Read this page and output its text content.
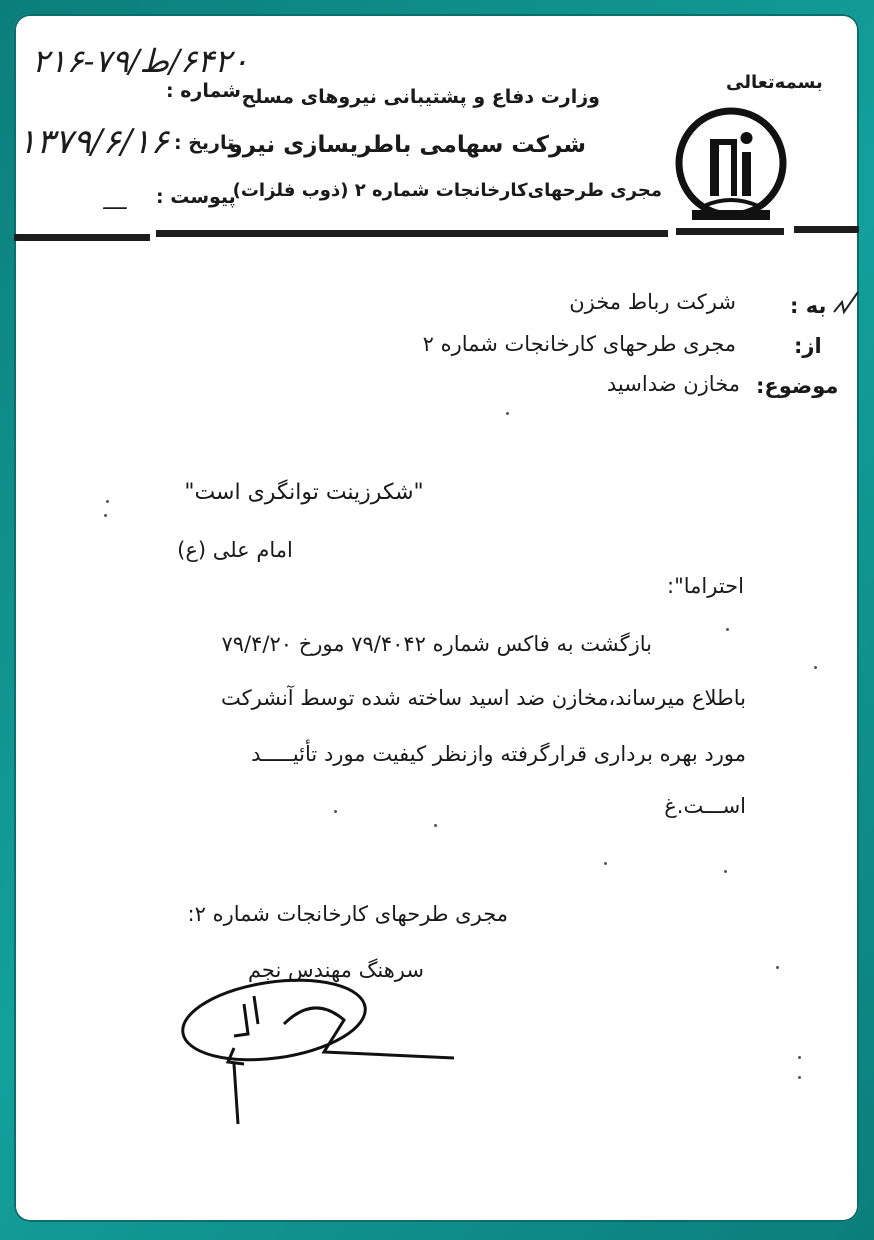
۶۴۲۰/ط/۷۹-۲۱۶
شماره :
۱۳۷۹/۶/۱۶ تاریخ :
— پیوست :
وزارت دفاع و پشتیبانی نیروهای مسلح
شرکت سهامی باطریسازی نیرو
مجری طرحهای‌کارخانجات شماره ۲ (ذوب فلزات)
بسمه‌تعالی
به :
شرکت رباط مخزن
از:
مجری طرحهای کارخانجات شماره ۲
موضوع:
مخازن ضداسید
"شکرزینت توانگری است"
امام علی (ع)
احتراما":
بازگشت به فاکس شماره ۷۹/۴۰۴۲ مورخ ۷۹/۴/۲۰
باطلاع میرساند،مخازن ضد اسید ساخته شده توسط آنشرکت
مورد بهره برداری قرارگرفته وازنظر کیفیت مورد تأئیـــــد
اســـت.غ
مجری طرحهای کارخانجات شماره ۲:
سرهنگ مهندس نجم
